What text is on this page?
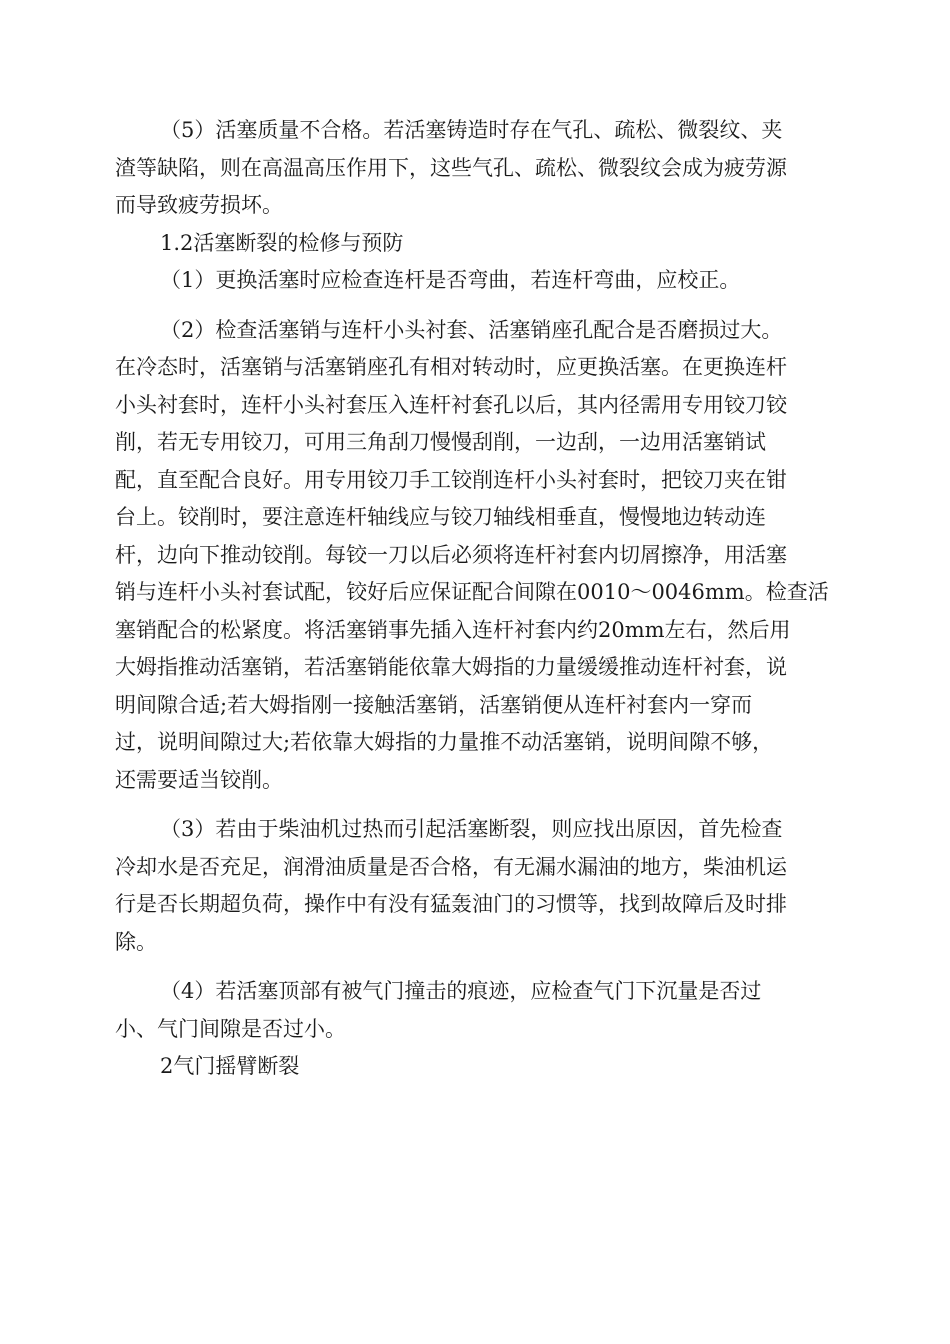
（5）活塞质量不合格。若活塞铸造时存在气孔、疏松、微裂纹、夹
渣等缺陷，则在高温高压作用下，这些气孔、疏松、微裂纹会成为疲劳源
而导致疲劳损坏。

1.2活塞断裂的检修与预防

（1）更换活塞时应检查连杆是否弯曲，若连杆弯曲，应校正。

（2）检查活塞销与连杆小头衬套、活塞销座孔配合是否磨损过大。
在冷态时，活塞销与活塞销座孔有相对转动时，应更换活塞。在更换连杆
小头衬套时，连杆小头衬套压入连杆衬套孔以后，其内径需用专用铰刀铰
削，若无专用铰刀，可用三角刮刀慢慢刮削，一边刮，一边用活塞销试
配，直至配合良好。用专用铰刀手工铰削连杆小头衬套时，把铰刀夹在钳
台上。铰削时，要注意连杆轴线应与铰刀轴线相垂直，慢慢地边转动连
杆，边向下推动铰削。每铰一刀以后必须将连杆衬套内切屑擦净，用活塞
销与连杆小头衬套试配，铰好后应保证配合间隙在0010～0046mm。检查活
塞销配合的松紧度。将活塞销事先插入连杆衬套内约20mm左右，然后用
大姆指推动活塞销，若活塞销能依靠大姆指的力量缓缓推动连杆衬套，说
明间隙合适;若大姆指刚一接触活塞销，活塞销便从连杆衬套内一穿而
过，说明间隙过大;若依靠大姆指的力量推不动活塞销，说明间隙不够，
还需要适当铰削。

（3）若由于柴油机过热而引起活塞断裂，则应找出原因，首先检查
冷却水是否充足，润滑油质量是否合格，有无漏水漏油的地方，柴油机运
行是否长期超负荷，操作中有没有猛轰油门的习惯等，找到故障后及时排
除。

（4）若活塞顶部有被气门撞击的痕迹，应检查气门下沉量是否过
小、气门间隙是否过小。

2气门摇臂断裂
